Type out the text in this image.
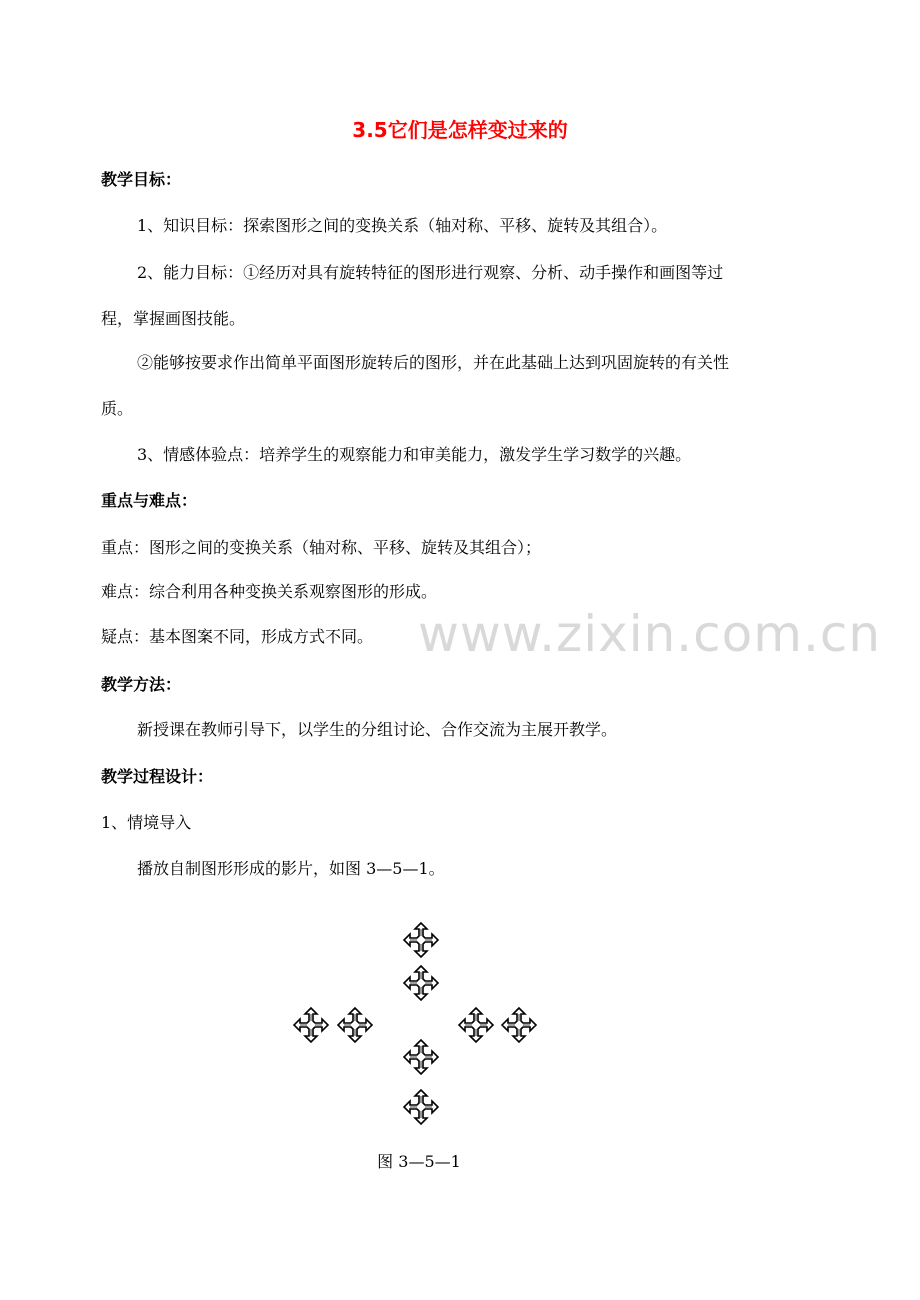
3.5它们是怎样变过来的
教学目标：
1、知识目标：探索图形之间的变换关系（轴对称、平移、旋转及其组合）。
2、能力目标：①经历对具有旋转特征的图形进行观察、分析、动手操作和画图等过
程，掌握画图技能。
②能够按要求作出简单平面图形旋转后的图形，并在此基础上达到巩固旋转的有关性
质。
3、情感体验点：培养学生的观察能力和审美能力，激发学生学习数学的兴趣。
重点与难点：
重点：图形之间的变换关系（轴对称、平移、旋转及其组合）；
难点：综合利用各种变换关系观察图形的形成。
疑点：基本图案不同，形成方式不同。
教学方法：
新授课在教师引导下，以学生的分组讨论、合作交流为主展开教学。
教学过程设计：
1、情境导入
播放自制图形形成的影片，如图 3—5—1。
www.zixin.com.cn
图 3—5—1
